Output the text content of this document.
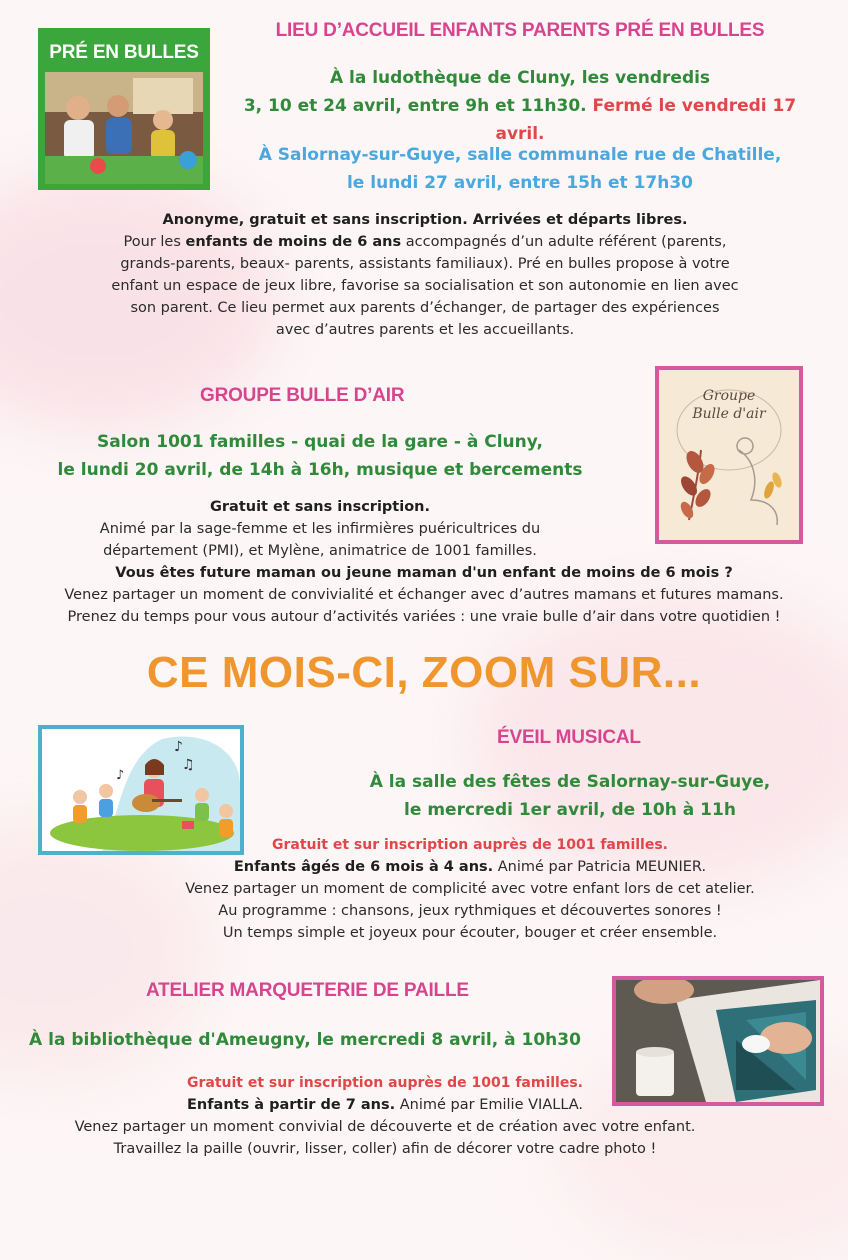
PRÉ EN BULLES
LIEU D’ACCUEIL ENFANTS PARENTS PRÉ EN BULLES
À la ludothèque de Cluny, les vendredis
3, 10 et 24 avril, entre 9h et 11h30. Fermé le vendredi 17 avril.
À Salornay-sur-Guye, salle communale rue de Chatille,
le lundi 27 avril, entre 15h et 17h30
Anonyme, gratuit et sans inscription. Arrivées et départs libres.
Pour les enfants de moins de 6 ans accompagnés d’un adulte référent (parents,
grands-parents, beaux- parents, assistants familiaux). Pré en bulles propose à votre
enfant un espace de jeux libre, favorise sa socialisation et son autonomie en lien avec
son parent. Ce lieu permet aux parents d’échanger, de partager des expériences
avec d’autres parents et les accueillants.
GROUPE BULLE D’AIR
Salon 1001 familles - quai de la gare - à Cluny,
le lundi 20 avril, de 14h à 16h, musique et bercements
Groupe
Bulle d'air
Gratuit et sans inscription.
Animé par la sage-femme et les infirmières puéricultrices du
département (PMI), et Mylène, animatrice de 1001 familles.
Vous êtes future maman ou jeune maman d'un enfant de moins de 6 mois ?
Venez partager un moment de convivialité et échanger avec d’autres mamans et futures mamans.
Prenez du temps pour vous autour d’activités variées : une vraie bulle d’air dans votre quotidien !
CE MOIS-CI, ZOOM SUR...
♪
♫
♪
ÉVEIL MUSICAL
À la salle des fêtes de Salornay-sur-Guye,
le mercredi 1er avril, de 10h à 11h
Gratuit et sur inscription auprès de 1001 familles.
Enfants âgés de 6 mois à 4 ans. Animé par Patricia MEUNIER.
Venez partager un moment de complicité avec votre enfant lors de cet atelier.
Au programme : chansons, jeux rythmiques et découvertes sonores !
Un temps simple et joyeux pour écouter, bouger et créer ensemble.
ATELIER MARQUETERIE DE PAILLE
À la bibliothèque d'Ameugny, le mercredi 8 avril, à 10h30
Gratuit et sur inscription auprès de 1001 familles.
Enfants à partir de 7 ans. Animé par Emilie VIALLA.
Venez partager un moment convivial de découverte et de création avec votre enfant.
Travaillez la paille (ouvrir, lisser, coller) afin de décorer votre cadre photo !
